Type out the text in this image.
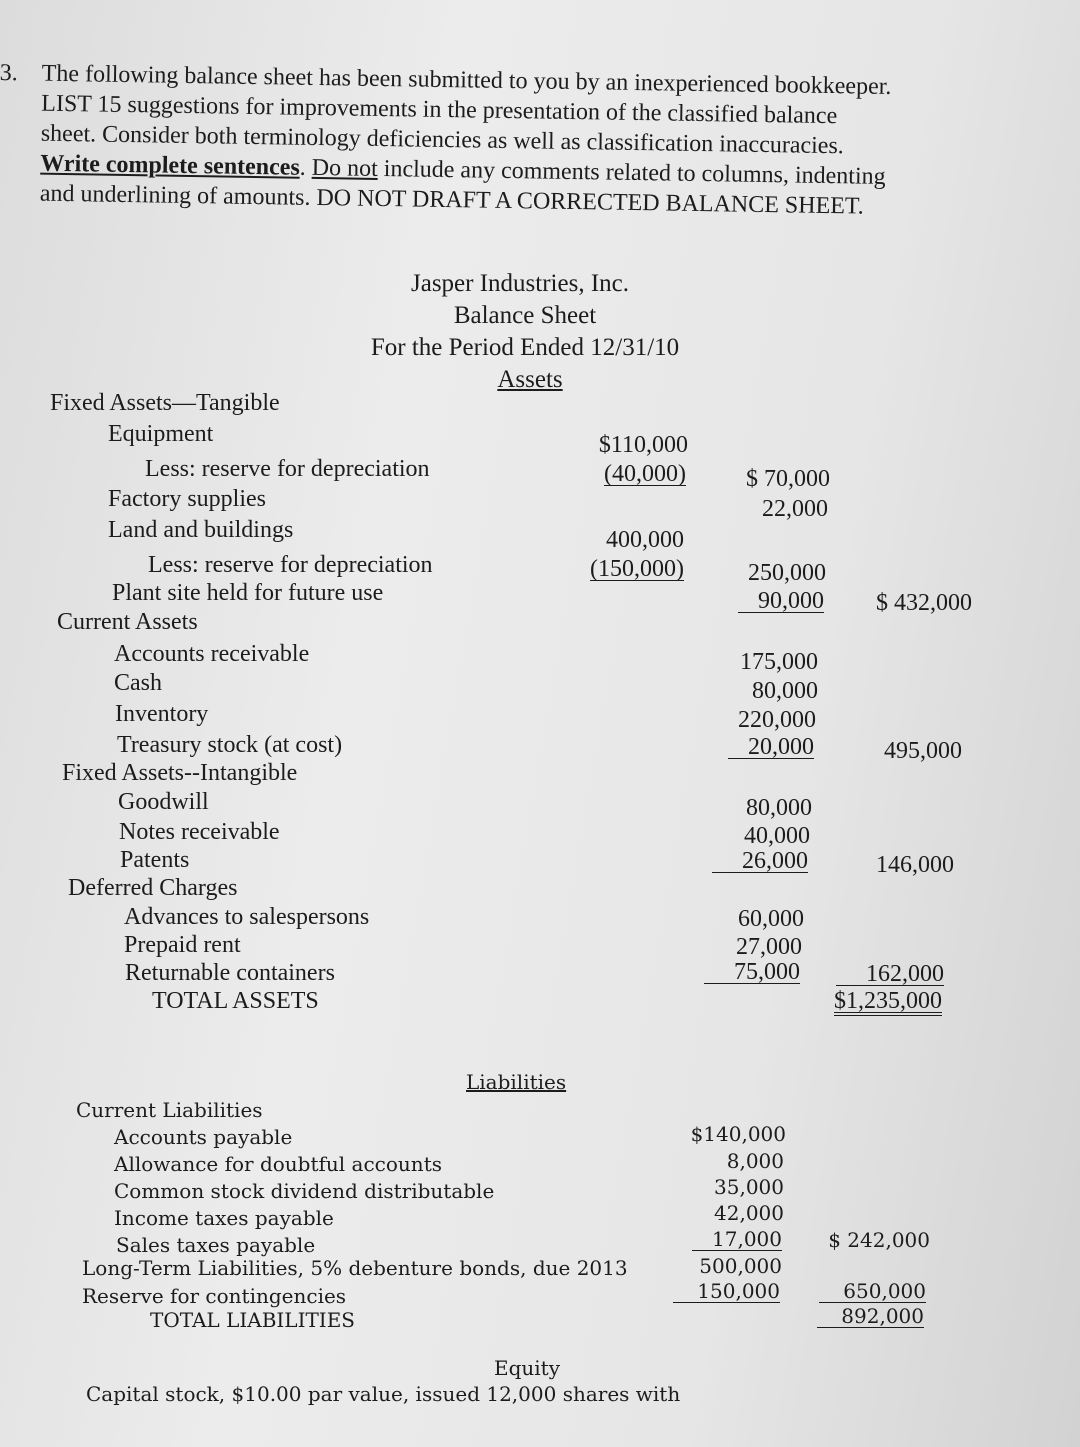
3. The following balance sheet has been submitted to you by an inexperienced bookkeeper.
LIST 15 suggestions for improvements in the presentation of the classified balance
sheet. Consider both terminology deficiencies as well as classification inaccuracies.
Write complete sentences. Do not include any comments related to columns, indenting
and underlining of amounts. DO NOT DRAFT A CORRECTED BALANCE SHEET.
Jasper Industries, Inc.
Balance Sheet
For the Period Ended 12/31/10
Assets
Fixed Assets—Tangible
Equipment	$110,000
Less: reserve for depreciation	(40,000)	$ 70,000
Factory supplies	22,000
Land and buildings	400,000
Less: reserve for depreciation	(150,000)	250,000
Plant site held for future use	90,000 $ 432,000
Current Assets
Accounts receivable	175,000
Cash	80,000
Inventory	220,000
Treasury stock (at cost)	20,000	495,000
Fixed Assets--Intangible
Goodwill	80,000
Notes receivable	40,000
Patents	26,000	146,000
Deferred Charges
Advances to salespersons	60,000
Prepaid rent	27,000
Returnable containers	75,000	162,000
TOTAL ASSETS	$1,235,000
Liabilities
Current Liabilities
Accounts payable	$140,000
Allowance for doubtful accounts	8,000
Common stock dividend distributable	35,000
Income taxes payable	42,000
Sales taxes payable	17,000 $ 242,000
Long-Term Liabilities, 5% debenture bonds, due 2013	500,000
Reserve for contingencies	150,000	650,000
TOTAL LIABILITIES	892,000
Equity
Capital stock, $10.00 par value, issued 12,000 shares with
